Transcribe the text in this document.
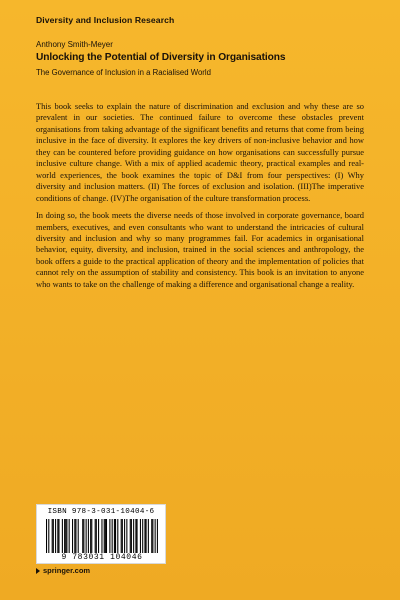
Diversity and Inclusion Research
Anthony Smith-Meyer
Unlocking the Potential of Diversity in Organisations
The Governance of Inclusion in a Racialised World

This book seeks to explain the nature of discrimination and exclusion and why these are so prevalent in our societies. The continued failure to overcome these obstacles prevent organisations from taking advantage of the significant benefits and returns that come from being inclusive in the face of diversity. It explores the key drivers of non-inclusive behavior and how they can be countered before providing guidance on how organisations can successfully pursue inclusive culture change. With a mix of applied academic theory, practical examples and real-world experiences, the book examines the topic of D&I from four perspectives: (I) Why diversity and inclusion matters. (II) The forces of exclusion and isolation. (III)The imperative conditions of change. (IV)The organisation of the culture transformation process.

In doing so, the book meets the diverse needs of those involved in corporate governance, board members, executives, and even consultants who want to understand the intricacies of cultural diversity and inclusion and why so many programmes fail. For academics in organisational behavior, equity, diversity, and inclusion, trained in the social sciences and anthropology, the book offers a guide to the practical application of theory and the implementation of policies that cannot rely on the assumption of stability and consistency. This book is an invitation to anyone who wants to take on the challenge of making a difference and organisational change a reality.

ISBN 978-3-031-10404-6
9 783031 104046
springer.com
